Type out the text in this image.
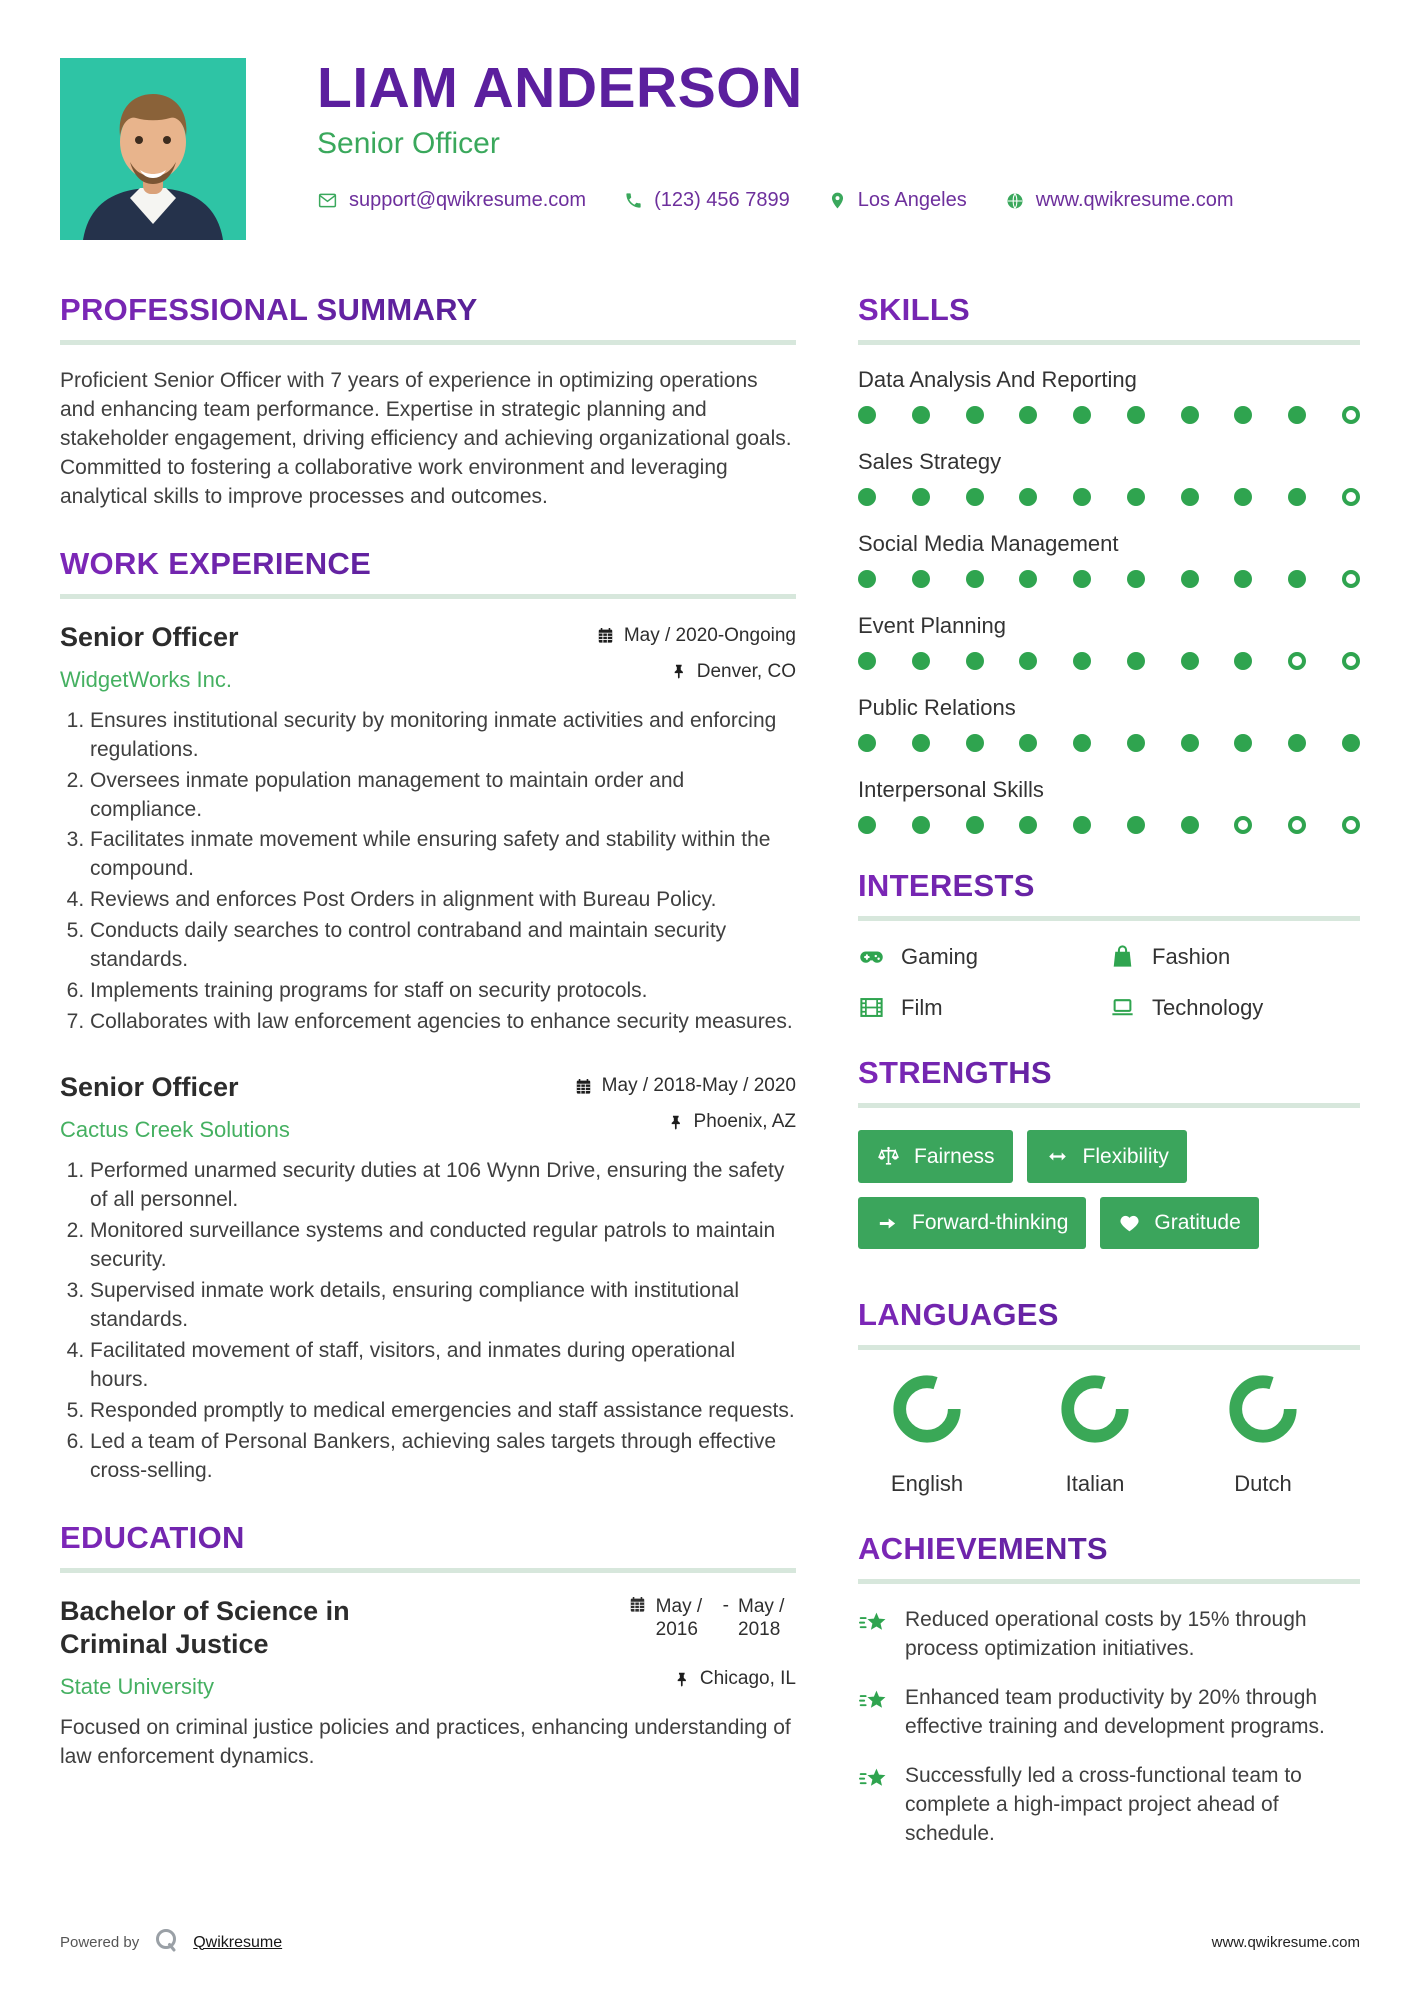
LIAM ANDERSON
Senior Officer
support@qwikresume.com	(123) 456 7899	Los Angeles	www.qwikresume.com
PROFESSIONAL SUMMARY

Proficient Senior Officer with 7 years of experience in optimizing operations and enhancing team performance. Expertise in strategic planning and stakeholder engagement, driving efficiency and achieving organizational goals. Committed to fostering a collaborative work environment and leveraging analytical skills to improve processes and outcomes.

WORK EXPERIENCE
Senior Officer
WidgetWorks Inc.
May / 2020-Ongoing
Denver, CO
1. Ensures institutional security by monitoring inmate activities and enforcing regulations.
2. Oversees inmate population management to maintain order and compliance.
3. Facilitates inmate movement while ensuring safety and stability within the compound.
4. Reviews and enforces Post Orders in alignment with Bureau Policy.
5. Conducts daily searches to control contraband and maintain security standards.
6. Implements training programs for staff on security protocols.
7. Collaborates with law enforcement agencies to enhance security measures.
Senior Officer
Cactus Creek Solutions
May / 2018-May / 2020
Phoenix, AZ
1. Performed unarmed security duties at 106 Wynn Drive, ensuring the safety of all personnel.
2. Monitored surveillance systems and conducted regular patrols to maintain security.
3. Supervised inmate work details, ensuring compliance with institutional standards.
4. Facilitated movement of staff, visitors, and inmates during operational hours.
5. Responded promptly to medical emergencies and staff assistance requests.
6. Led a team of Personal Bankers, achieving sales targets through effective cross-selling.
EDUCATION
Bachelor of Science in Criminal Justice
State University
May / 2016
- May / 2018
Chicago, IL

Focused on criminal justice policies and practices, enhancing understanding of law enforcement dynamics.

SKILLS
Data Analysis And Reporting
Sales Strategy
Social Media Management
Event Planning
Public Relations
Interpersonal Skills
INTERESTS
Gaming	Fashion
Film	Technology
STRENGTHS
Fairness	Flexibility
Forward-thinking	Gratitude
LANGUAGES
English	Italian	Dutch
ACHIEVEMENTS
Reduced operational costs by 15% through process optimization initiatives.
Enhanced team productivity by 20% through effective training and development programs.
Successfully led a cross-functional team to complete a high-impact project ahead of schedule.
Powered by	Qwikresume	www.qwikresume.com
